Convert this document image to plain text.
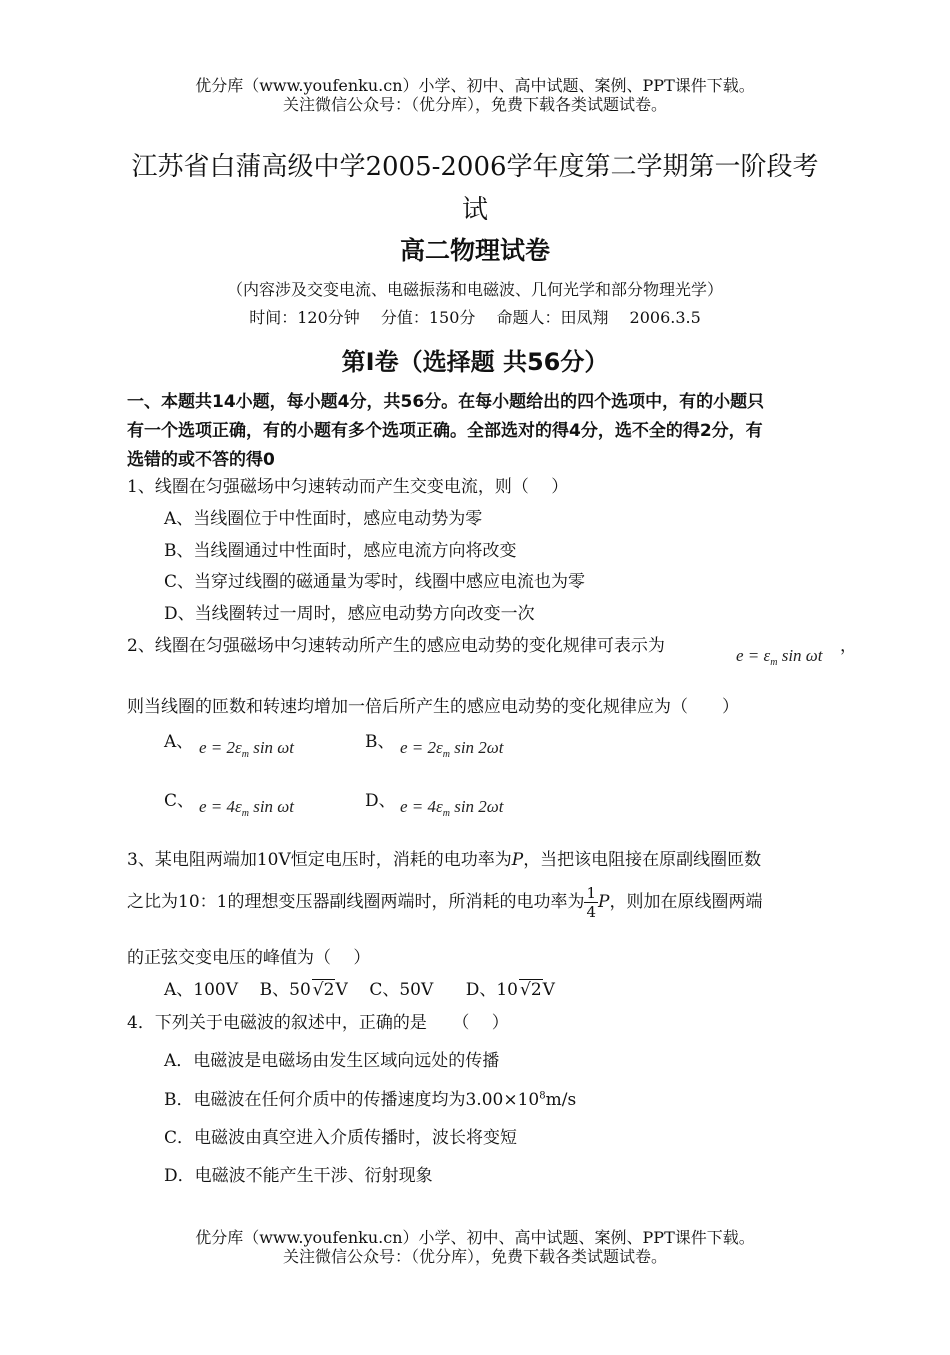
优分库（www.youfenku.cn）小学、初中、高中试题、案例、PPT课件下载。
关注微信公众号：（优分库），免费下载各类试题试卷。
江苏省白蒲高级中学2005-2006学年度第二学期第一阶段考
试
高二物理试卷
（内容涉及交变电流、电磁振荡和电磁波、几何光学和部分物理光学）
时间：120分钟　 分值：150分　 命题人：田凤翔　 2006.3.5
第Ⅰ卷（选择题 共56分）
一、本题共14小题，每小题4分，共56分。在每小题给出的四个选项中，有的小题只
有一个选项正确，有的小题有多个选项正确。全部选对的得4分，选不全的得2分，有
选错的或不答的得0
1、线圈在匀强磁场中匀速转动而产生交变电流，则（　 ）
A、当线圈位于中性面时，感应电动势为零
B、当线圈通过中性面时，感应电流方向将改变
C、当穿过线圈的磁通量为零时，线圈中感应电流也为零
D、当线圈转过一周时，感应电动势方向改变一次
2、线圈在匀强磁场中匀速转动所产生的感应电动势的变化规律可表示为	$e = \varepsilon_m$ sin ωt ，
则当线圈的匝数和转速均增加一倍后所产生的感应电动势的变化规律应为（　　）
A、 $e = 2\varepsilon_m$ sin ωt	B、 $e = 2\varepsilon_m$ sin 2ωt
C、 $e = 4\varepsilon_m$ sin ωt	D、 $e = 4\varepsilon_m$ sin 2ωt
3、某电阻两端加10V恒定电压时，消耗的电功率为P，当把该电阻接在原副线圈匝数
之比为10：1的理想变压器副线圈两端时，所消耗的电功率为 $\frac{1}{4}P$，则加在原线圈两端
的正弦交变电压的峰值为（　 ）
A、100V B、50 √2V C、50V D、10 √2V
4．下列关于电磁波的叙述中，正确的是　　（　 ）
A．电磁波是电磁场由发生区域向远处的传播
B．电磁波在任何介质中的传播速度均为$3.00\times 10^8m/s$
C．电磁波由真空进入介质传播时，波长将变短
D．电磁波不能产生干涉、衍射现象
优分库（www.youfenku.cn）小学、初中、高中试题、案例、PPT课件下载。
关注微信公众号：（优分库），免费下载各类试题试卷。
